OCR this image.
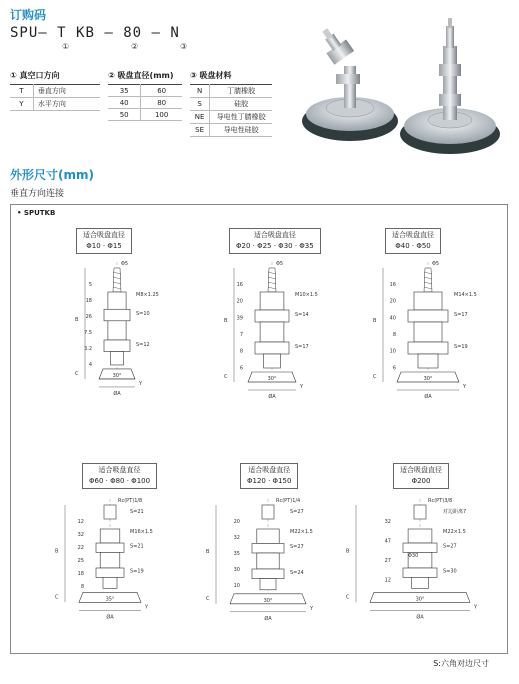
订购码
SPU– T KB – 80 – N
①	②	③
① 真空口方向
T	垂直方向
Y	水平方向
② 吸盘直径(mm)
35	60
40	80
50	100
③ 吸盘材料
N	丁腈橡胶
S	硅胶
NE	导电性丁腈橡胶
SE	导电性硅胶
外形尺寸(mm)
垂直方向连接
• SPUTKB
适合吸盘直径
Φ10 · Φ15
适合吸盘直径
Φ20 · Φ25 · Φ30 · Φ35
适合吸盘直径
Φ40 · Φ50
适合吸盘直径
Φ60 · Φ80 · Φ100
适合吸盘直径
Φ120 · Φ150
适合吸盘直径
Φ200
ØA
M8×1.25
S=10
S=12
Φ5
30°
B
C
Y
5
18
26
7.5
3.2
4
ØA
M10×1.5
S=14
S=17
Φ5
30°
B
C
Y
16
20
39
7
8
6
ØA
M14×1.5
S=17
S=19
Φ5
30°
B
C
Y
16
20
40
8
10
6
ØA
M16×1.5
S=21
S=19
Rc(PT)1/8
S=21
35°
B
C
Y
12
32
22
25
18
8
ØA
M22×1.5
S=27
S=24
Rc(PT)1/4
S=27
30°
B
C
Y
20
32
35
30
10
ØA
M22×1.5
S=27
S=30
Rc(PT)3/8
对边距离7
Φ30
30°
B
C
Y
32
47
27
12
S:六角对边尺寸
